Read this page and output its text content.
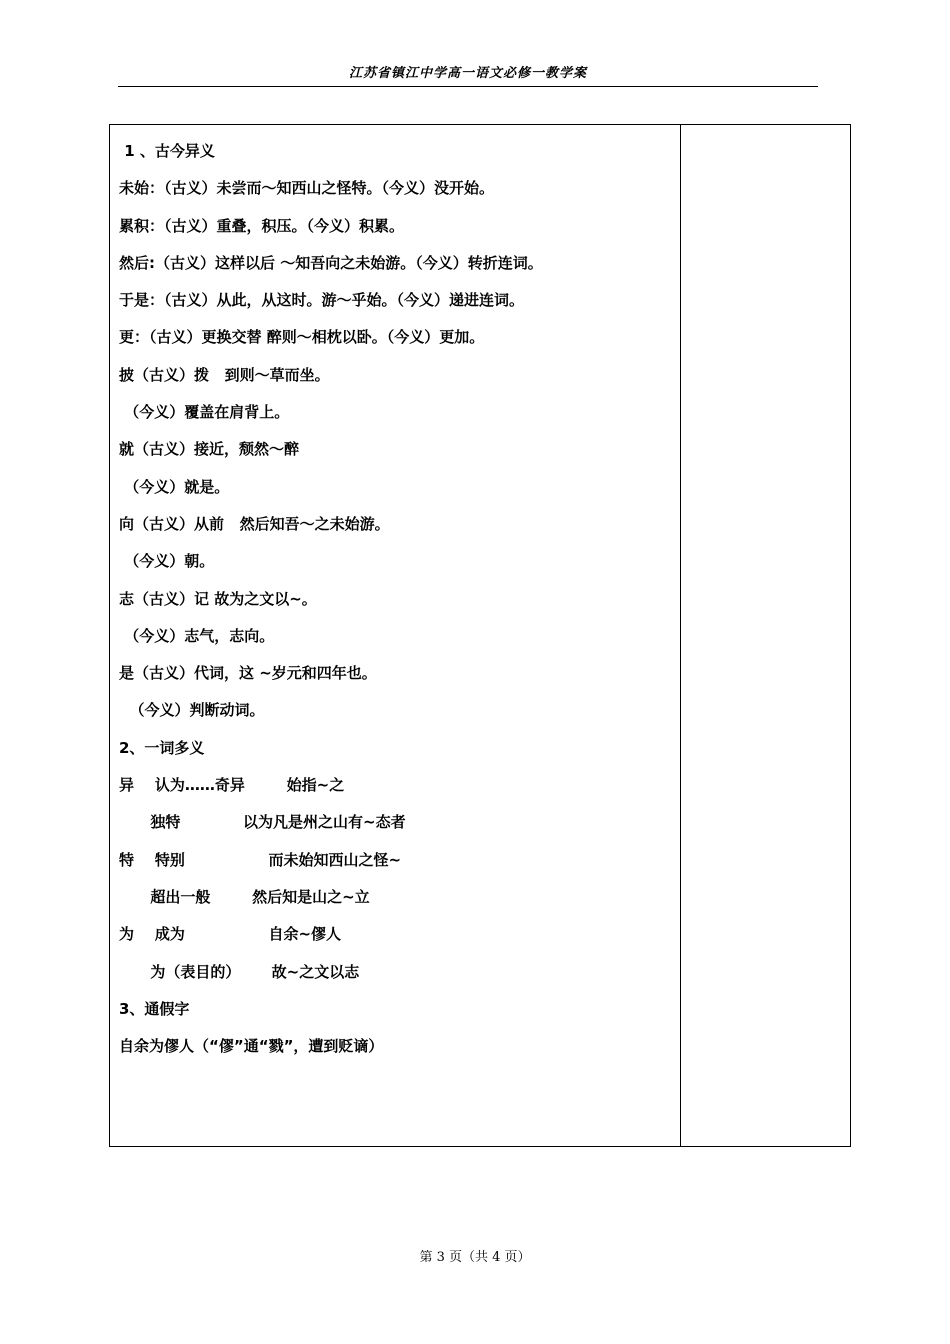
江苏省镇江中学高一语文必修一教学案
1 、古今异义
未始：（古义）未尝而～知西山之怪特。（今义）没开始。
累积：（古义）重叠，积压。（今义）积累。
然后:（古义）这样以后 ～知吾向之未始游。（今义）转折连词。
于是：（古义）从此，从这时。游～乎始。（今义）递进连词。
更：（古义）更换交替 醉则～相枕以卧。（今义）更加。
披（古义）拨   到则～草而坐。
（今义）覆盖在肩背上。
就（古义）接近，颓然～醉
（今义）就是。
向（古义）从前   然后知吾～之未始游。
（今义）朝。
志（古义）记 故为之文以~。
（今义）志气，志向。
是（古义）代词，这 ~岁元和四年也。
（今义）判断动词。
2、一词多义
异    认为……奇异        始指~之
独特            以为凡是州之山有~态者
特    特别                而未始知西山之怪~
超出一般        然后知是山之~立
为    成为                自余~僇人
为（表目的）      故~之文以志
3、通假字
自余为僇人（“僇”通“戮”，遭到贬谪）
第 3 页（共 4 页）
